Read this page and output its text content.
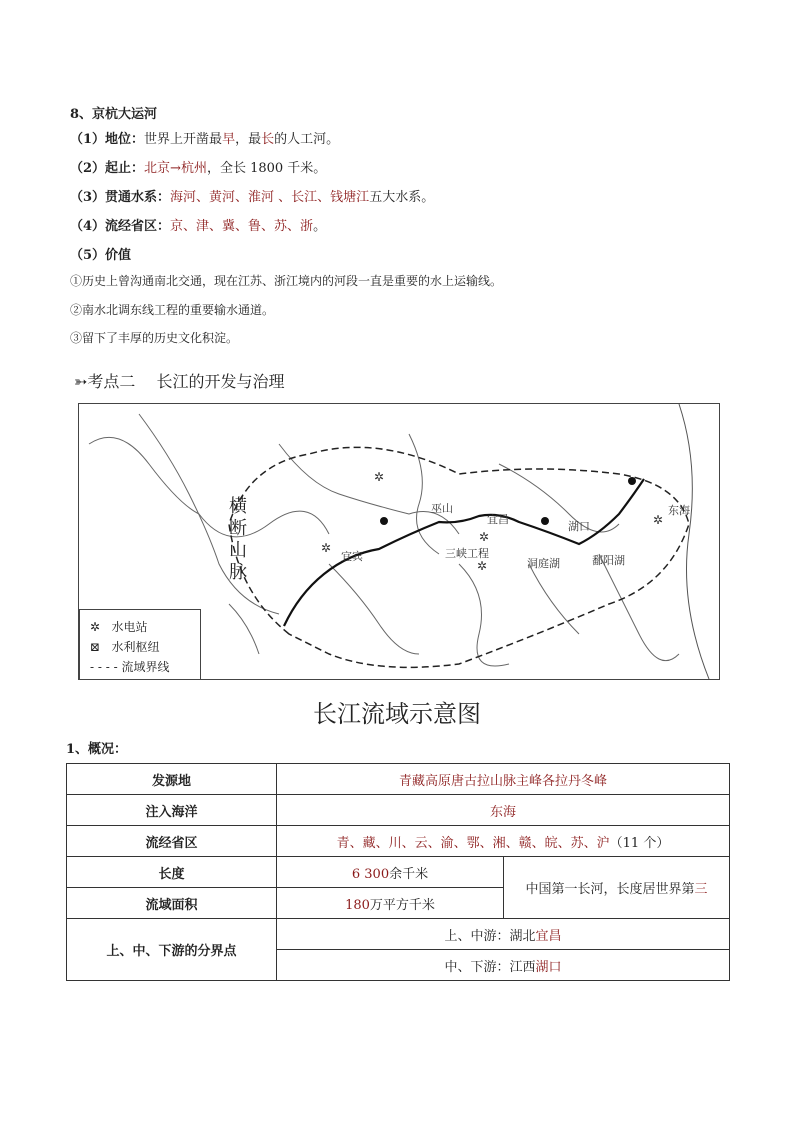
8、京杭大运河
（1）地位：世界上开凿最早，最长的人工河。
（2）起止：北京→杭州，全长 1800 千米。
（3）贯通水系：海河、黄河、淮河 、长江、钱塘江五大水系。
（4）流经省区：京、津、冀、鲁、苏、浙。
（5）价值
①历史上曾沟通南北交通，现在江苏、浙江境内的河段一直是重要的水上运输线。
②南水北调东线工程的重要输水通道。
③留下了丰厚的历史文化积淀。
➳考点二　 长江的开发与治理
✲
✲
✲
✲
✲
横断山脉
宜宾
巫山
宜昌
湖口
三峡工程
洞庭湖	鄱阳湖
东海
✲ 水电站
⊠ 水利枢纽
- - - - 流域界线
长江流域示意图
1、概况：
发源地	青藏高原唐古拉山脉主峰各拉丹冬峰	
注入海洋	东海	
流经省区	青、藏、川、云、渝、鄂、湘、赣、皖、苏、沪（11 个）	
长度	6 300余千米	中国第一长河，长度居世界第三
流域面积	180万平方千米	
上、中、下游的分界点	上、中游：湖北宜昌	
	中、下游：江西湖口	
